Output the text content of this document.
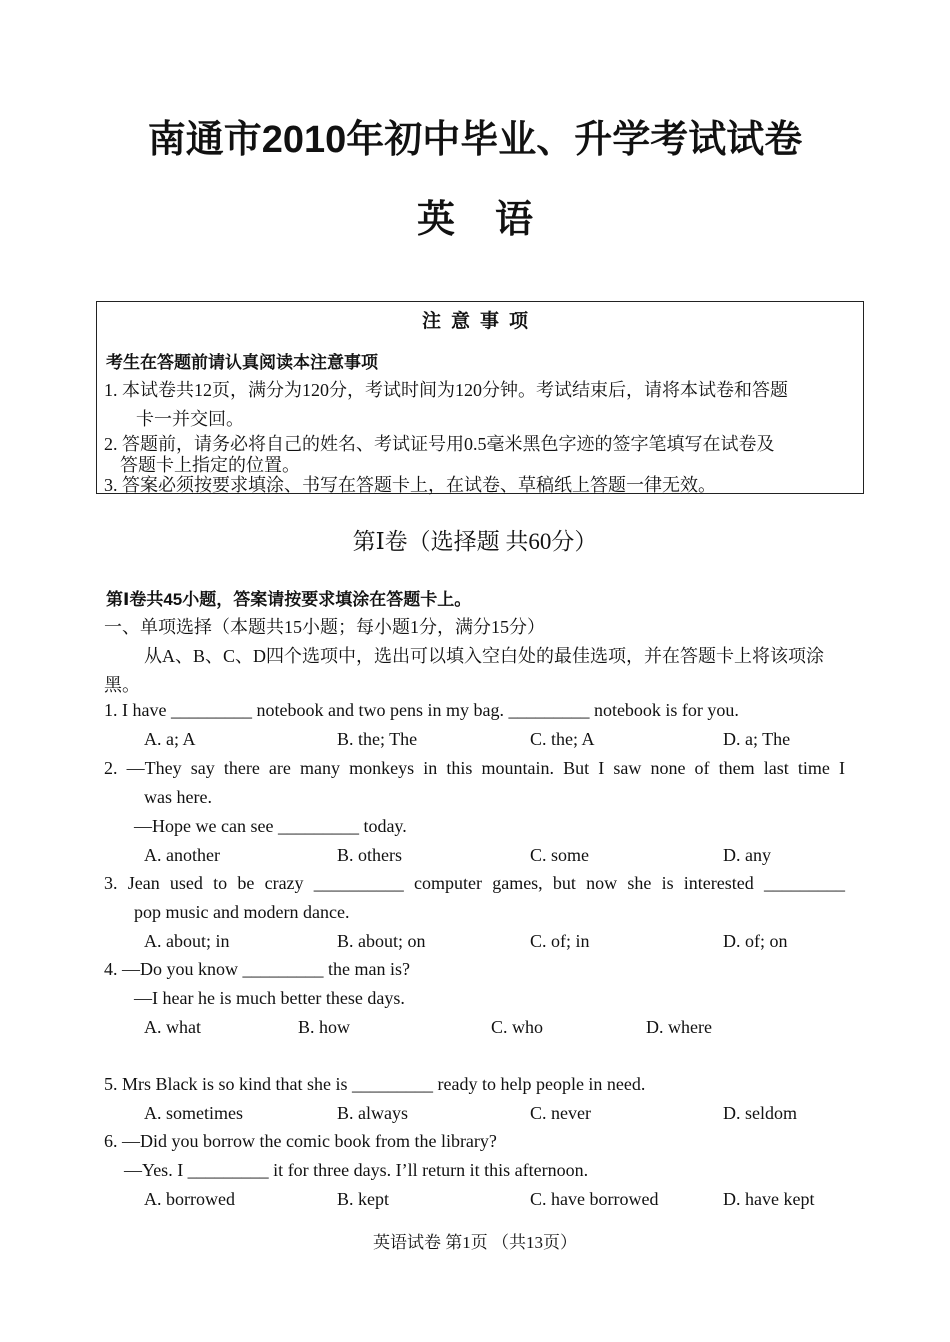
南通市2010年初中毕业、升学考试试卷
英语
注意事项
考生在答题前请认真阅读本注意事项
1. 本试卷共12页，满分为120分，考试时间为120分钟。考试结束后，请将本试卷和答题
卡一并交回。
2. 答题前，请务必将自己的姓名、考试证号用0.5毫米黑色字迹的签字笔填写在试卷及
答题卡上指定的位置。
3. 答案必须按要求填涂、书写在答题卡上，在试卷、草稿纸上答题一律无效。
第Ⅰ卷（选择题 共60分）
第Ⅰ卷共45小题，答案请按要求填涂在答题卡上。
一、单项选择（本题共15小题；每小题1分，满分15分）
从A、B、C、D四个选项中，选出可以填入空白处的最佳选项，并在答题卡上将该项涂
黑。
1. I have _________ notebook and two pens in my bag. _________ notebook is for you.
A. a; A	B. the; The	C. the; A	D. a; The
2. —They say there are many monkeys in this mountain. But I saw none of them last time I
was here.
—Hope we can see _________ today.
A. another	B. others	C. some	D. any
3. Jean used to be crazy __________ computer games, but now she is interested _________
pop music and modern dance.
A. about; in	B. about; on	C. of; in	D. of; on
4. —Do you know _________ the man is?
—I hear he is much better these days.
A. what	B. how	C. who	D. where
5. Mrs Black is so kind that she is _________ ready to help people in need.
A. sometimes	B. always	C. never	D. seldom
6. —Did you borrow the comic book from the library?
—Yes. I _________ it for three days. I’ll return it this afternoon.
A. borrowed	B. kept	C. have borrowed	D. have kept
英语试卷 第1页 （共13页）
